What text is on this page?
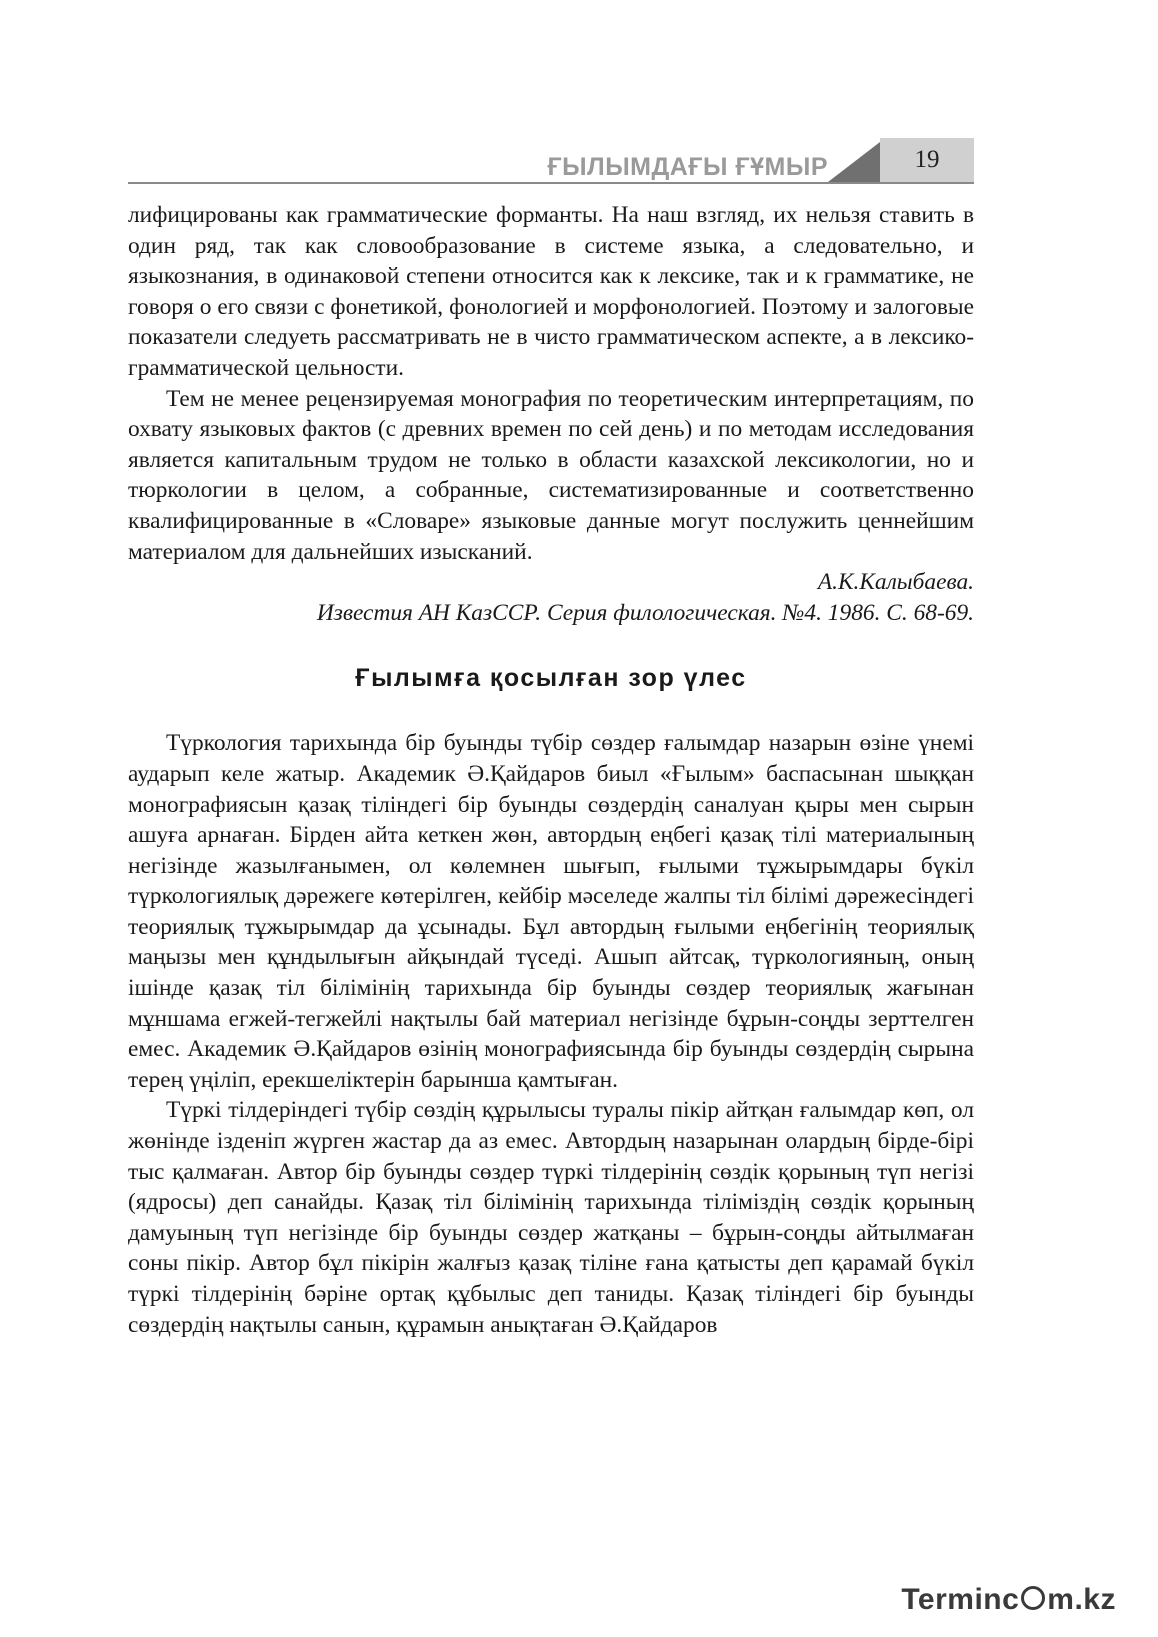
ҒЫЛЫМДАҒЫ ҒҰМЫР	19

лифицированы как грамматические форманты. На наш взгляд, их нельзя ставить в один ряд, так как словообразование в системе языка, а следовательно, и языкознания, в одинаковой степени относится как к лексике, так и к грамматике, не говоря о его связи с фонетикой, фонологией и морфонологией. Поэтому и залоговые показатели следуеть рассматривать не в чисто грамматическом аспекте, а в лексико-грамматической цельности.

Тем не менее рецензируемая монография по теоретическим интерпретациям, по охвату языковых фактов (с древних времен по сей день) и по методам исследования является капитальным трудом не только в области казахской лексикологии, но и тюркологии в целом, а собранные, систематизированные и соответственно квалифицированные в «Словаре» языковые данные могут послужить ценнейшим материалом для дальнейших изысканий.

А.К.Калыбаева.

Известия АН КазССР. Серия филологическая. №4. 1986. С. 68-69.

Ғылымға қосылған зор үлес

Түркология тарихында бір буынды түбір сөздер ғалымдар назарын өзіне үнемі аударып келе жатыр. Академик Ә.Қайдаров биыл «Ғылым» баспасынан шыққан монографиясын қазақ тіліндегі бір буынды сөздердің саналуан қыры мен сырын ашуға арнаған. Бірден айта кеткен жөн, автордың еңбегі қазақ тілі материалының негізінде жазылғанымен, ол көлемнен шығып, ғылыми тұжырымдары бүкіл түркологиялық дәрежеге көтерілген, кейбір мәселеде жалпы тіл білімі дәрежесіндегі теориялық тұжырымдар да ұсынады. Бұл автордың ғылыми еңбегінің теориялық маңызы мен құндылығын айқындай түседі. Ашып айтсақ, түркологияның, оның ішінде қазақ тіл білімінің тарихында бір буынды сөздер теориялық жағынан мұншама егжей-тегжейлі нақтылы бай материал негізінде бұрын-соңды зерттелген емес. Академик Ә.Қайдаров өзінің монографиясында бір буынды сөздердің сырына терең үңіліп, ерекшеліктерін барынша қамтыған.

Түркі тілдеріндегі түбір сөздің құрылысы туралы пікір айтқан ғалымдар көп, ол жөнінде ізденіп жүрген жастар да аз емес. Автордың назарынан олардың бірде-бірі тыс қалмаған. Автор бір буынды сөздер түркі тілдерінің сөздік қорының түп негізі (ядросы) деп санайды. Қазақ тіл білімінің тарихында тіліміздің сөздік қорының дамуының түп негізінде бір буынды сөздер жатқаны – бұрын-соңды айтылмаған соны пікір. Автор бұл пікірін жалғыз қазақ тіліне ғана қатысты деп қарамай бүкіл түркі тілдерінің бәріне ортақ құбылыс деп таниды. Қазақ тіліндегі бір буынды сөздердің нақтылы санын, құрамын анықтаған Ә.Қайдаров

Terminc m.kz
